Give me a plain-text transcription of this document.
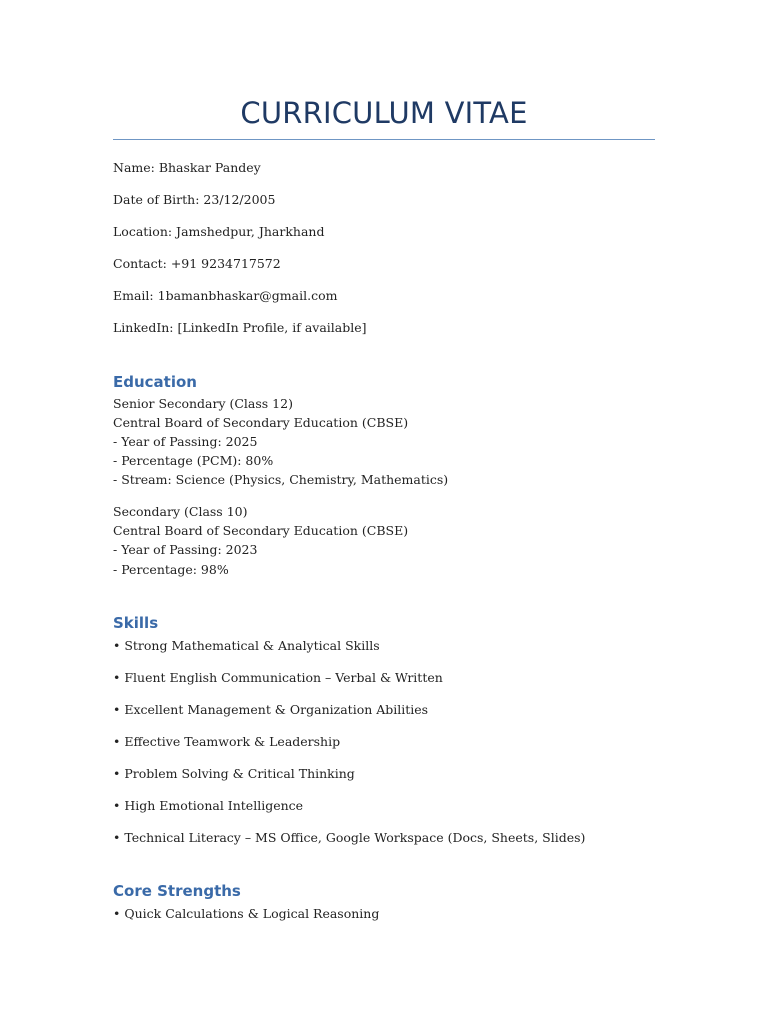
CURRICULUM VITAE
Name: Bhaskar Pandey
Date of Birth: 23/12/2005
Location: Jamshedpur, Jharkhand
Contact: +91 9234717572
Email: 1bamanbhaskar@gmail.com
LinkedIn: [LinkedIn Profile, if available]
Education
Senior Secondary (Class 12)
Central Board of Secondary Education (CBSE)
- Year of Passing: 2025
- Percentage (PCM): 80%
- Stream: Science (Physics, Chemistry, Mathematics)
Secondary (Class 10)
Central Board of Secondary Education (CBSE)
- Year of Passing: 2023
- Percentage: 98%
Skills
• Strong Mathematical & Analytical Skills
• Fluent English Communication – Verbal & Written
• Excellent Management & Organization Abilities
• Effective Teamwork & Leadership
• Problem Solving & Critical Thinking
• High Emotional Intelligence
• Technical Literacy – MS Office, Google Workspace (Docs, Sheets, Slides)
Core Strengths
• Quick Calculations & Logical Reasoning
